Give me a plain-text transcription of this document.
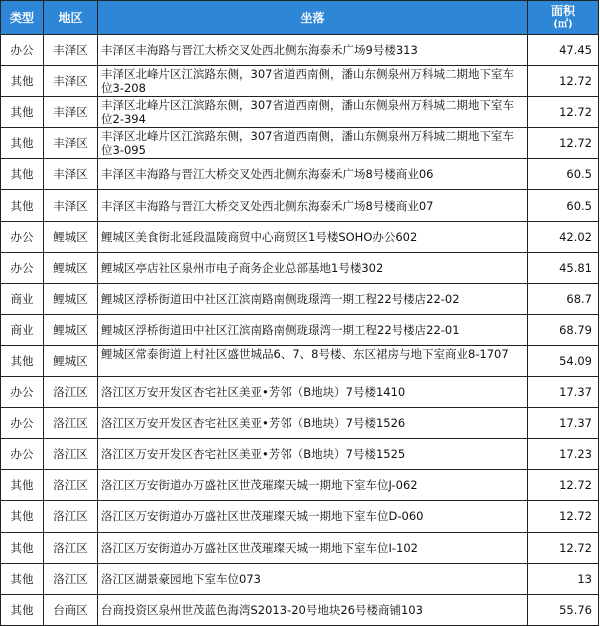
类型	地区	坐落	面积
(㎡)

办公	丰泽区	丰泽区丰海路与晋江大桥交叉处西北侧东海泰禾广场9号楼313	47.45
其他	丰泽区	丰泽区北峰片区江滨路东侧，307省道西南侧，潘山东侧泉州万科城二期地下室车位3-208	12.72
其他	丰泽区	丰泽区北峰片区江滨路东侧，307省道西南侧，潘山东侧泉州万科城二期地下室车位2-394	12.72
其他	丰泽区	丰泽区北峰片区江滨路东侧，307省道西南侧，潘山东侧泉州万科城二期地下室车位3-095	12.72
其他	丰泽区	丰泽区丰海路与晋江大桥交叉处西北侧东海泰禾广场8号楼商业06	60.5
其他	丰泽区	丰泽区丰海路与晋江大桥交叉处西北侧东海泰禾广场8号楼商业07	60.5
办公	鲤城区	鲤城区美食街北延段温陵商贸中心商贸区1号楼SOHO办公602	42.02
办公	鲤城区	鲤城区亭店社区泉州市电子商务企业总部基地1号楼302	45.81
商业	鲤城区	鲤城区浮桥街道田中社区江滨南路南侧珑璟湾一期工程22号楼店22-02	68.7
商业	鲤城区	鲤城区浮桥街道田中社区江滨南路南侧珑璟湾一期工程22号楼店22-01	68.79
其他	鲤城区	鲤城区常泰街道上村社区盛世城品6、7、8号楼、东区裙房与地下室商业8-1707	54.09
办公	洛江区	洛江区万安开发区杏宅社区美亚•芳邻（B地块）7号楼1410	17.37
办公	洛江区	洛江区万安开发区杏宅社区美亚•芳邻（B地块）7号楼1526	17.37
办公	洛江区	洛江区万安开发区杏宅社区美亚•芳邻（B地块）7号楼1525	17.23
其他	洛江区	洛江区万安街道办万盛社区世茂璀璨天城一期地下室车位J-062	12.72
其他	洛江区	洛江区万安街道办万盛社区世茂璀璨天城一期地下室车位D-060	12.72
其他	洛江区	洛江区万安街道办万盛社区世茂璀璨天城一期地下室车位I-102	12.72
其他	洛江区	洛江区湖景豪园地下室车位073	13
其他	台商区	台商投资区泉州世茂蓝色海湾S2013-20号地块26号楼商铺103	55.76
